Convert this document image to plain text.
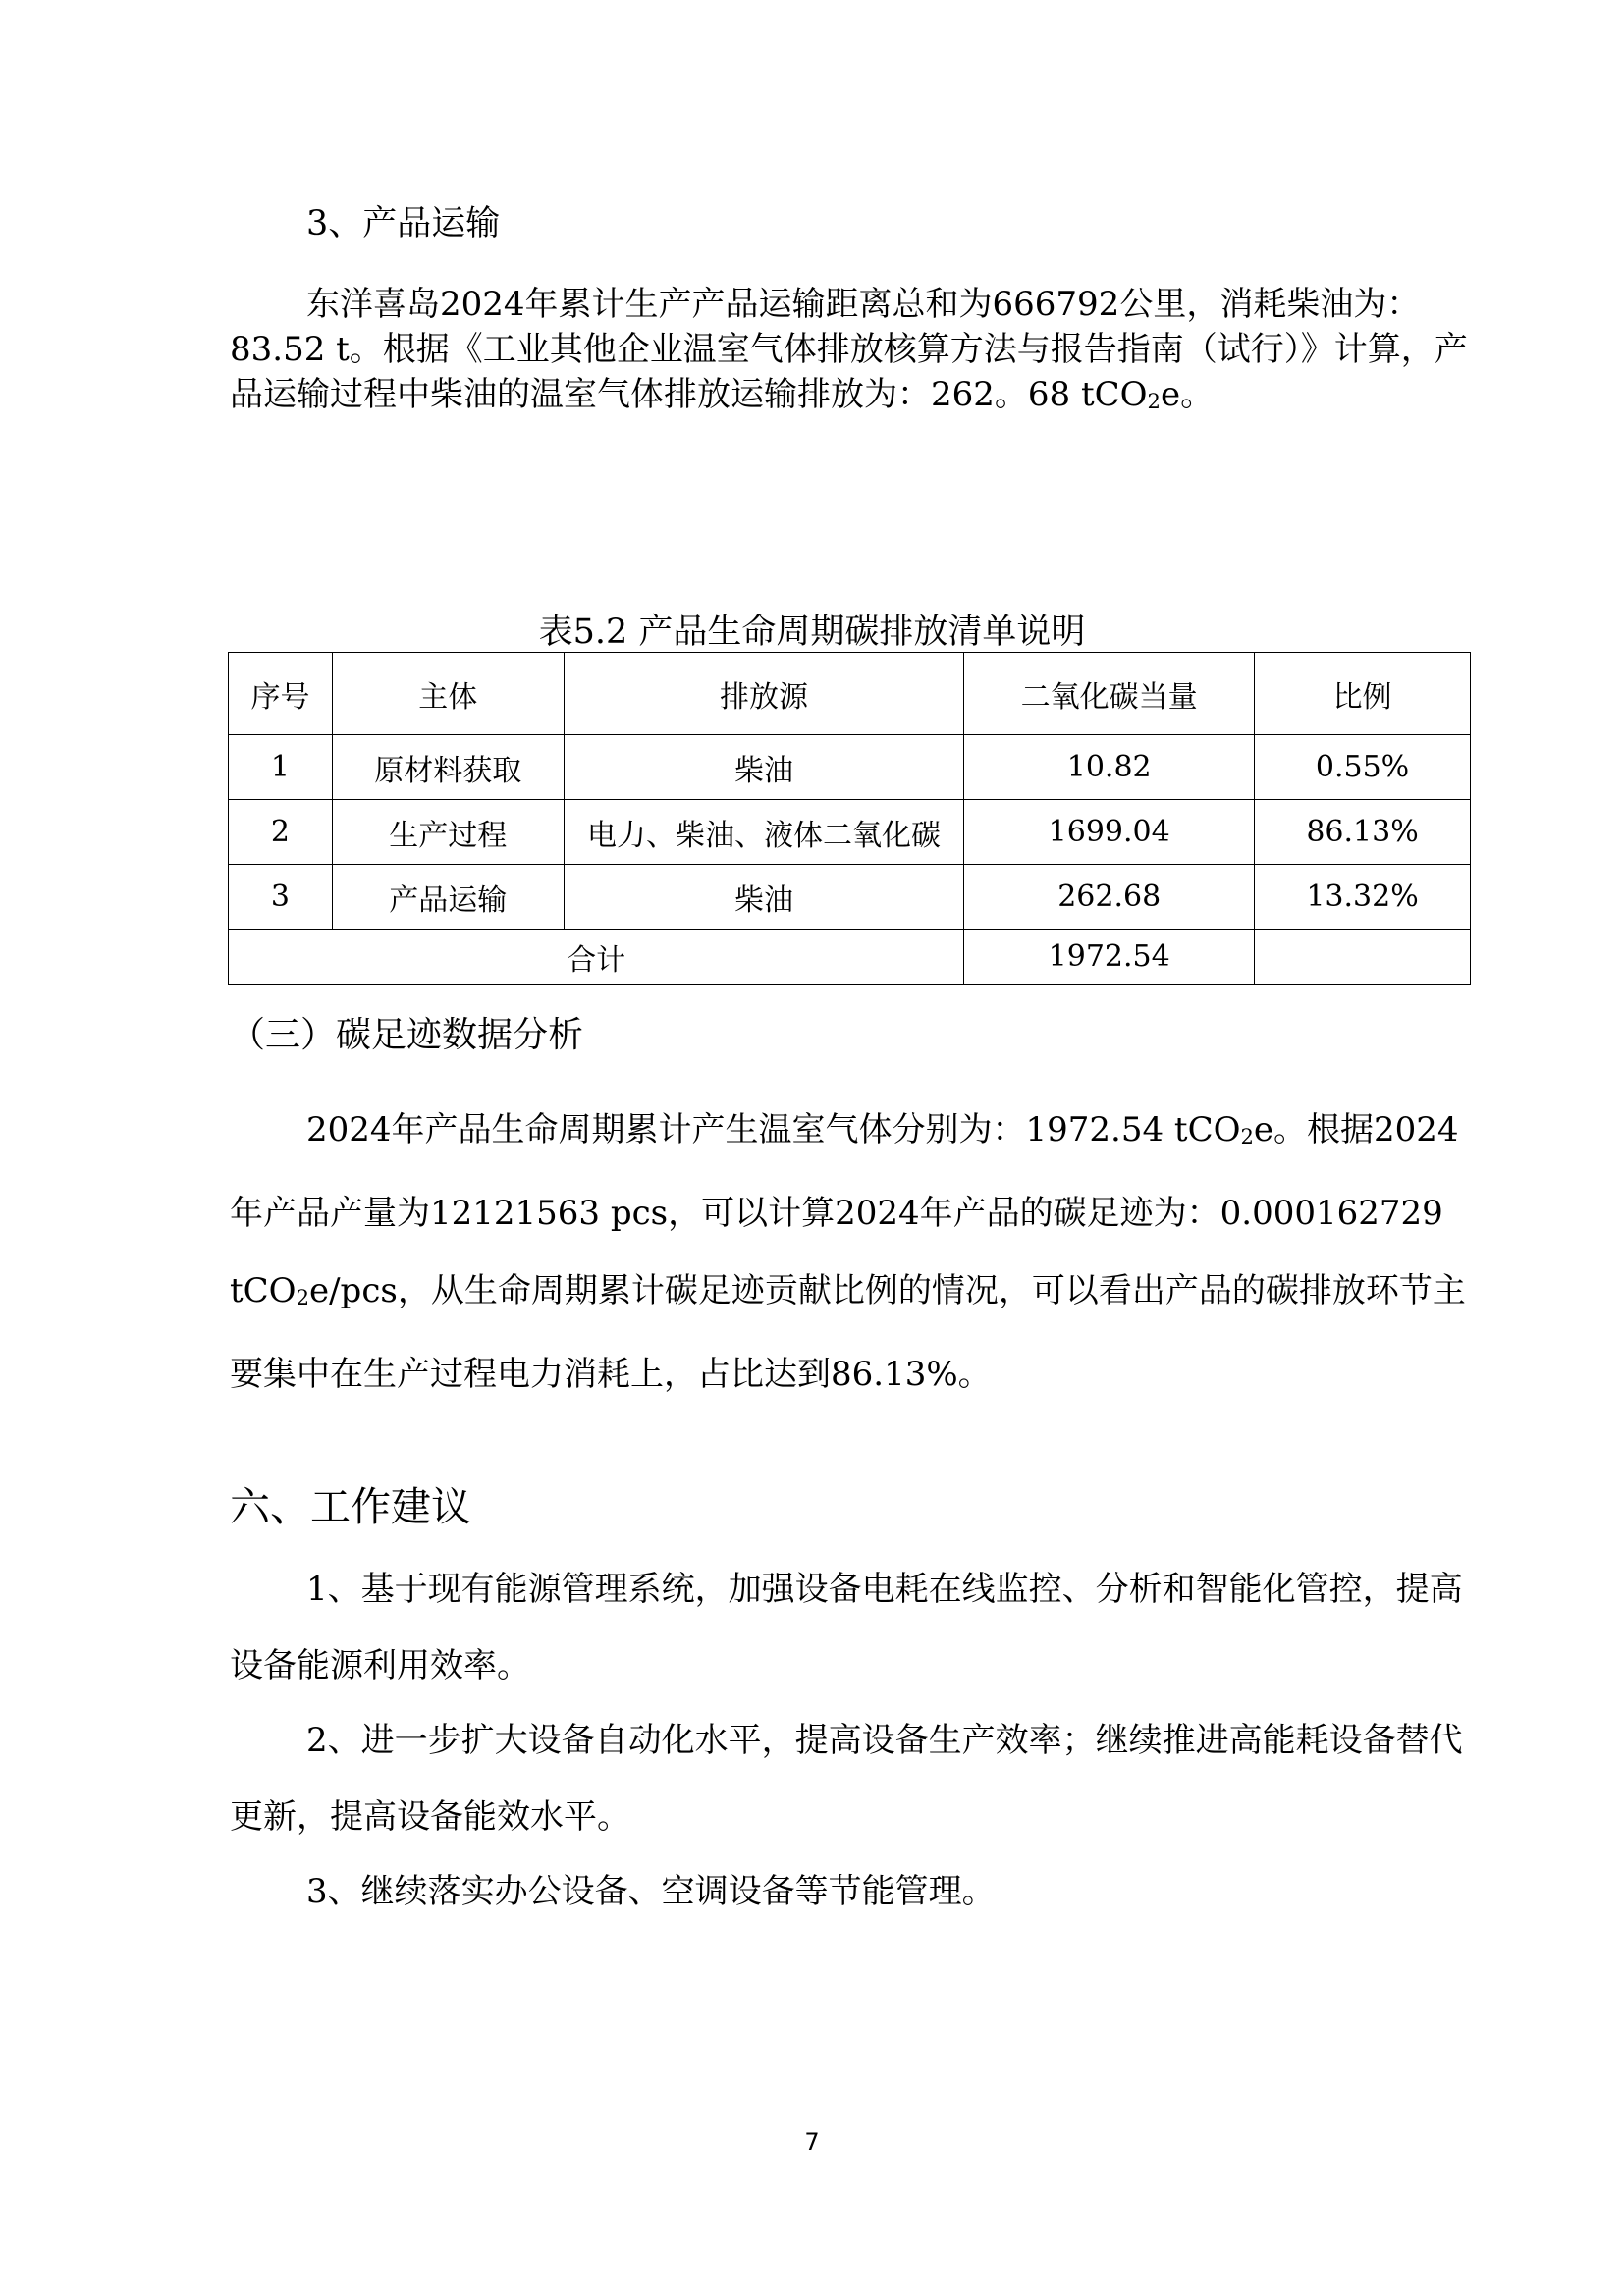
3、产品运输

东洋喜岛2024年累计生产产品运输距离总和为666792公里，消耗柴油为：83.52 t。根据《工业其他企业温室气体排放核算方法与报告指南（试行）》计算，产品运输过程中柴油的温室气体排放运输排放为：262。68 tCO$_2$e。

表5.2 产品生命周期碳排放清单说明
序号	主体	排放源	二氧化碳当量	比例
1	原材料获取	柴油	10.82	0.55%
2	生产过程	电力、柴油、液体二氧化碳	1699.04	86.13%
3	产品运输	柴油	262.68	13.32%
合计			1972.54	
（三）碳足迹数据分析

2024年产品生命周期累计产生温室气体分别为：1972.54 tCO$_2$e。根据2024年产品产量为12121563 pcs，可以计算2024年产品的碳足迹为：0.000162729 tCO$_2$e/pcs，从生命周期累计碳足迹贡献比例的情况，可以看出产品的碳排放环节主要集中在生产过程电力消耗上，占比达到86.13%。

六、工作建议

1、基于现有能源管理系统，加强设备电耗在线监控、分析和智能化管控，提高设备能源利用效率。

2、进一步扩大设备自动化水平，提高设备生产效率；继续推进高能耗设备替代更新，提高设备能效水平。

3、继续落实办公设备、空调设备等节能管理。

7
